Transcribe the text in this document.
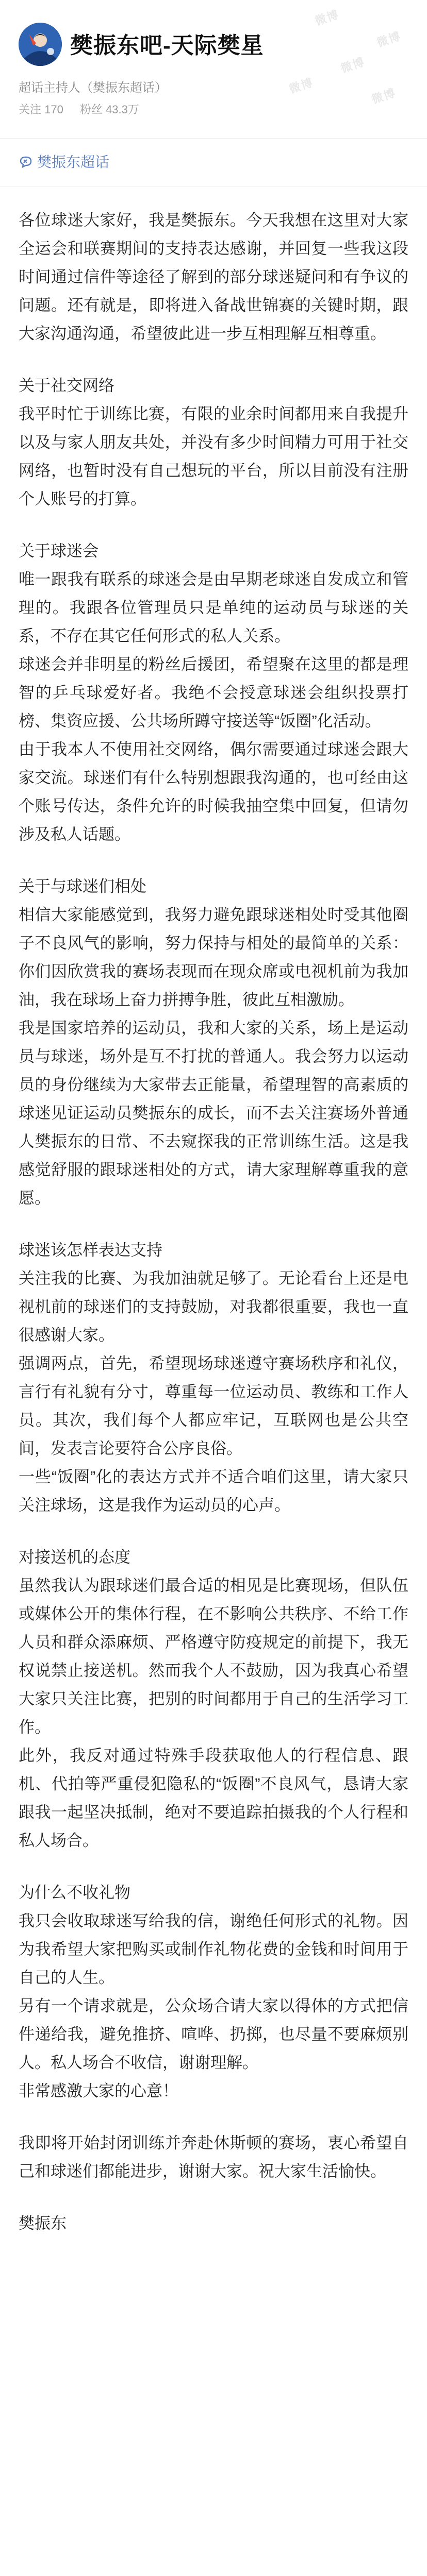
樊振东吧-天际樊星
超话主持人（樊振东超话）
关注 170 粉丝 43.3万
微博
微博
微博
微博
微博
樊振东超话

各位球迷大家好，我是樊振东。今天我想在这里对大家全运会和联赛期间的支持表达感谢，并回复一些我这段时间通过信件等途径了解到的部分球迷疑问和有争议的问题。还有就是，即将进入备战世锦赛的关键时期，跟大家沟通沟通，希望彼此进一步互相理解互相尊重。

关于社交网络

我平时忙于训练比赛，有限的业余时间都用来自我提升以及与家人朋友共处，并没有多少时间精力可用于社交网络，也暂时没有自己想玩的平台，所以目前没有注册个人账号的打算。

关于球迷会

唯一跟我有联系的球迷会是由早期老球迷自发成立和管理的。我跟各位管理员只是单纯的运动员与球迷的关系，不存在其它任何形式的私人关系。

球迷会并非明星的粉丝后援团，希望聚在这里的都是理智的乒乓球爱好者。我绝不会授意球迷会组织投票打榜、集资应援、公共场所蹲守接送等“饭圈”化活动。

由于我本人不使用社交网络，偶尔需要通过球迷会跟大家交流。球迷们有什么特别想跟我沟通的，也可经由这个账号传达，条件允许的时候我抽空集中回复，但请勿涉及私人话题。

关于与球迷们相处

相信大家能感觉到，我努力避免跟球迷相处时受其他圈子不良风气的影响，努力保持与相处的最简单的关系：你们因欣赏我的赛场表现而在现众席或电视机前为我加油，我在球场上奋力拼搏争胜，彼此互相激励。

我是国家培养的运动员，我和大家的关系，场上是运动员与球迷，场外是互不打扰的普通人。我会努力以运动员的身份继续为大家带去正能量，希望理智的高素质的球迷见证运动员樊振东的成长，而不去关注赛场外普通人樊振东的日常、不去窥探我的正常训练生活。这是我感觉舒服的跟球迷相处的方式，请大家理解尊重我的意愿。

球迷该怎样表达支持

关注我的比赛、为我加油就足够了。无论看台上还是电视机前的球迷们的支持鼓励，对我都很重要，我也一直很感谢大家。

强调两点，首先，希望现场球迷遵守赛场秩序和礼仪，言行有礼貌有分寸，尊重每一位运动员、教练和工作人员。其次，我们每个人都应牢记，互联网也是公共空间，发表言论要符合公序良俗。

一些“饭圈”化的表达方式并不适合咱们这里，请大家只关注球场，这是我作为运动员的心声。

对接送机的态度

虽然我认为跟球迷们最合适的相见是比赛现场，但队伍或媒体公开的集体行程，在不影响公共秩序、不给工作人员和群众添麻烦、严格遵守防疫规定的前提下，我无权说禁止接送机。然而我个人不鼓励，因为我真心希望大家只关注比赛，把别的时间都用于自己的生活学习工作。

此外，我反对通过特殊手段获取他人的行程信息、跟机、代拍等严重侵犯隐私的“饭圈”不良风气，恳请大家跟我一起坚决抵制，绝对不要追踪拍摄我的个人行程和私人场合。

为什么不收礼物

我只会收取球迷写给我的信，谢绝任何形式的礼物。因为我希望大家把购买或制作礼物花费的金钱和时间用于自己的人生。

另有一个请求就是，公众场合请大家以得体的方式把信件递给我，避免推挤、喧哗、扔掷，也尽量不要麻烦别人。私人场合不收信，谢谢理解。

非常感激大家的心意！

我即将开始封闭训练并奔赴休斯顿的赛场，衷心希望自己和球迷们都能进步，谢谢大家。祝大家生活愉快。

樊振东
